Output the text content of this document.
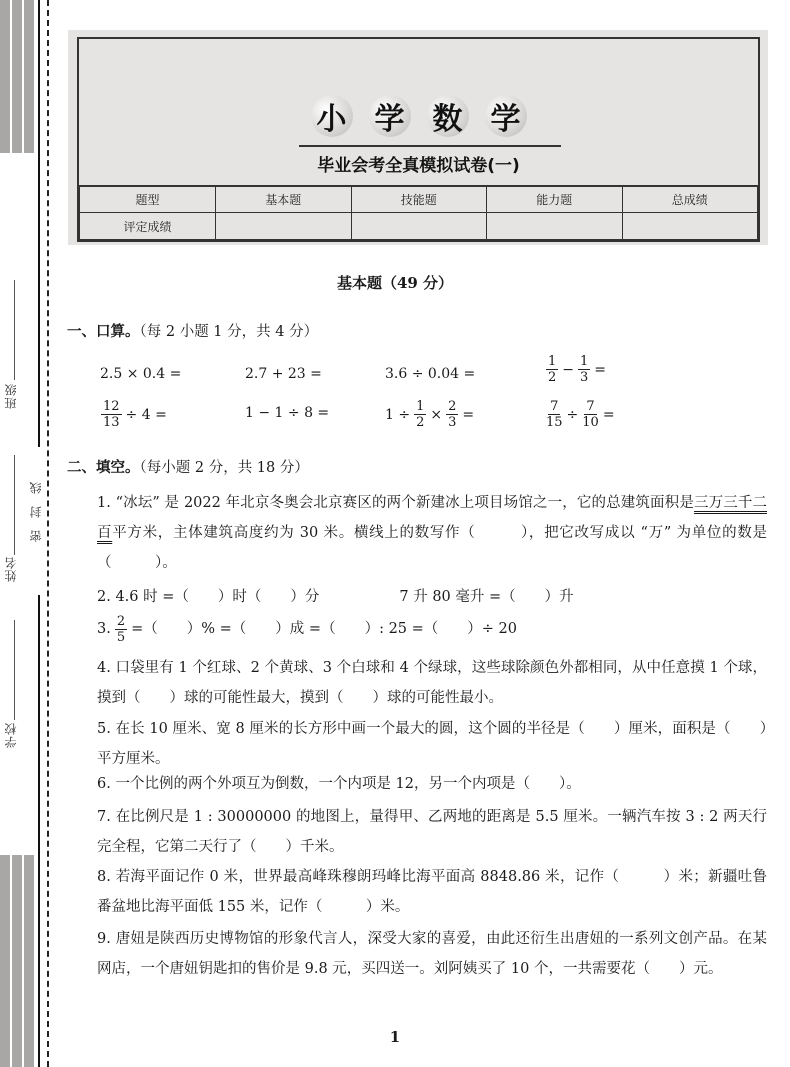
班级
姓名
学校
密封线
小 学 数 学
毕业会考全真模拟试卷(一)
题型	基本题	技能题	能力题	总成绩
评定成绩				
基本题（49 分）
一、口算。（每 2 小题 1 分，共 4 分）
2.5 × 0.4 =	2.7 + 23 =	3.6 ÷ 0.04 =	$\frac{1}{2} - \frac{1}{3}$ =
$\frac{12}{13} \div 4$ =	1 − 1 ÷ 8 =	$1 \div \frac{1}{2} \times \frac{2}{3}$ =	$\frac{7}{15} \div \frac{7}{10}$ =
二、填空。（每小题 2 分，共 18 分）
1. “冰坛” 是 2022 年北京冬奥会北京赛区的两个新建冰上项目场馆之一，它的总建筑面积是三万三千二百平方米，主体建筑高度约为 30 米。横线上的数写作（　　　），把它改写成以 “万” 为单位的数是（　　　）。
2. 4.6 时 =（　　）时（　　）分	7 升 80 毫升 =（　　）升
3. $\frac{2}{5}$ =（　　）% =（　　）成 =（　　）: 25 =（　　）÷ 20
4. 口袋里有 1 个红球、2 个黄球、3 个白球和 4 个绿球，这些球除颜色外都相同，从中任意摸 1 个球，摸到（　　）球的可能性最大，摸到（　　）球的可能性最小。
5. 在长 10 厘米、宽 8 厘米的长方形中画一个最大的圆，这个圆的半径是（　　）厘米，面积是（　　）平方厘米。
6. 一个比例的两个外项互为倒数，一个内项是 12，另一个内项是（　　）。
7. 在比例尺是 1 : 30000000 的地图上，量得甲、乙两地的距离是 5.5 厘米。一辆汽车按 3 : 2 两天行完全程，它第二天行了（　　）千米。
8. 若海平面记作 0 米，世界最高峰珠穆朗玛峰比海平面高 8848.86 米，记作（　　　）米；新疆吐鲁番盆地比海平面低 155 米，记作（　　　）米。
9. 唐妞是陕西历史博物馆的形象代言人，深受大家的喜爱，由此还衍生出唐妞的一系列文创产品。在某网店，一个唐妞钥匙扣的售价是 9.8 元，买四送一。刘阿姨买了 10 个，一共需要花（　　）元。
1
